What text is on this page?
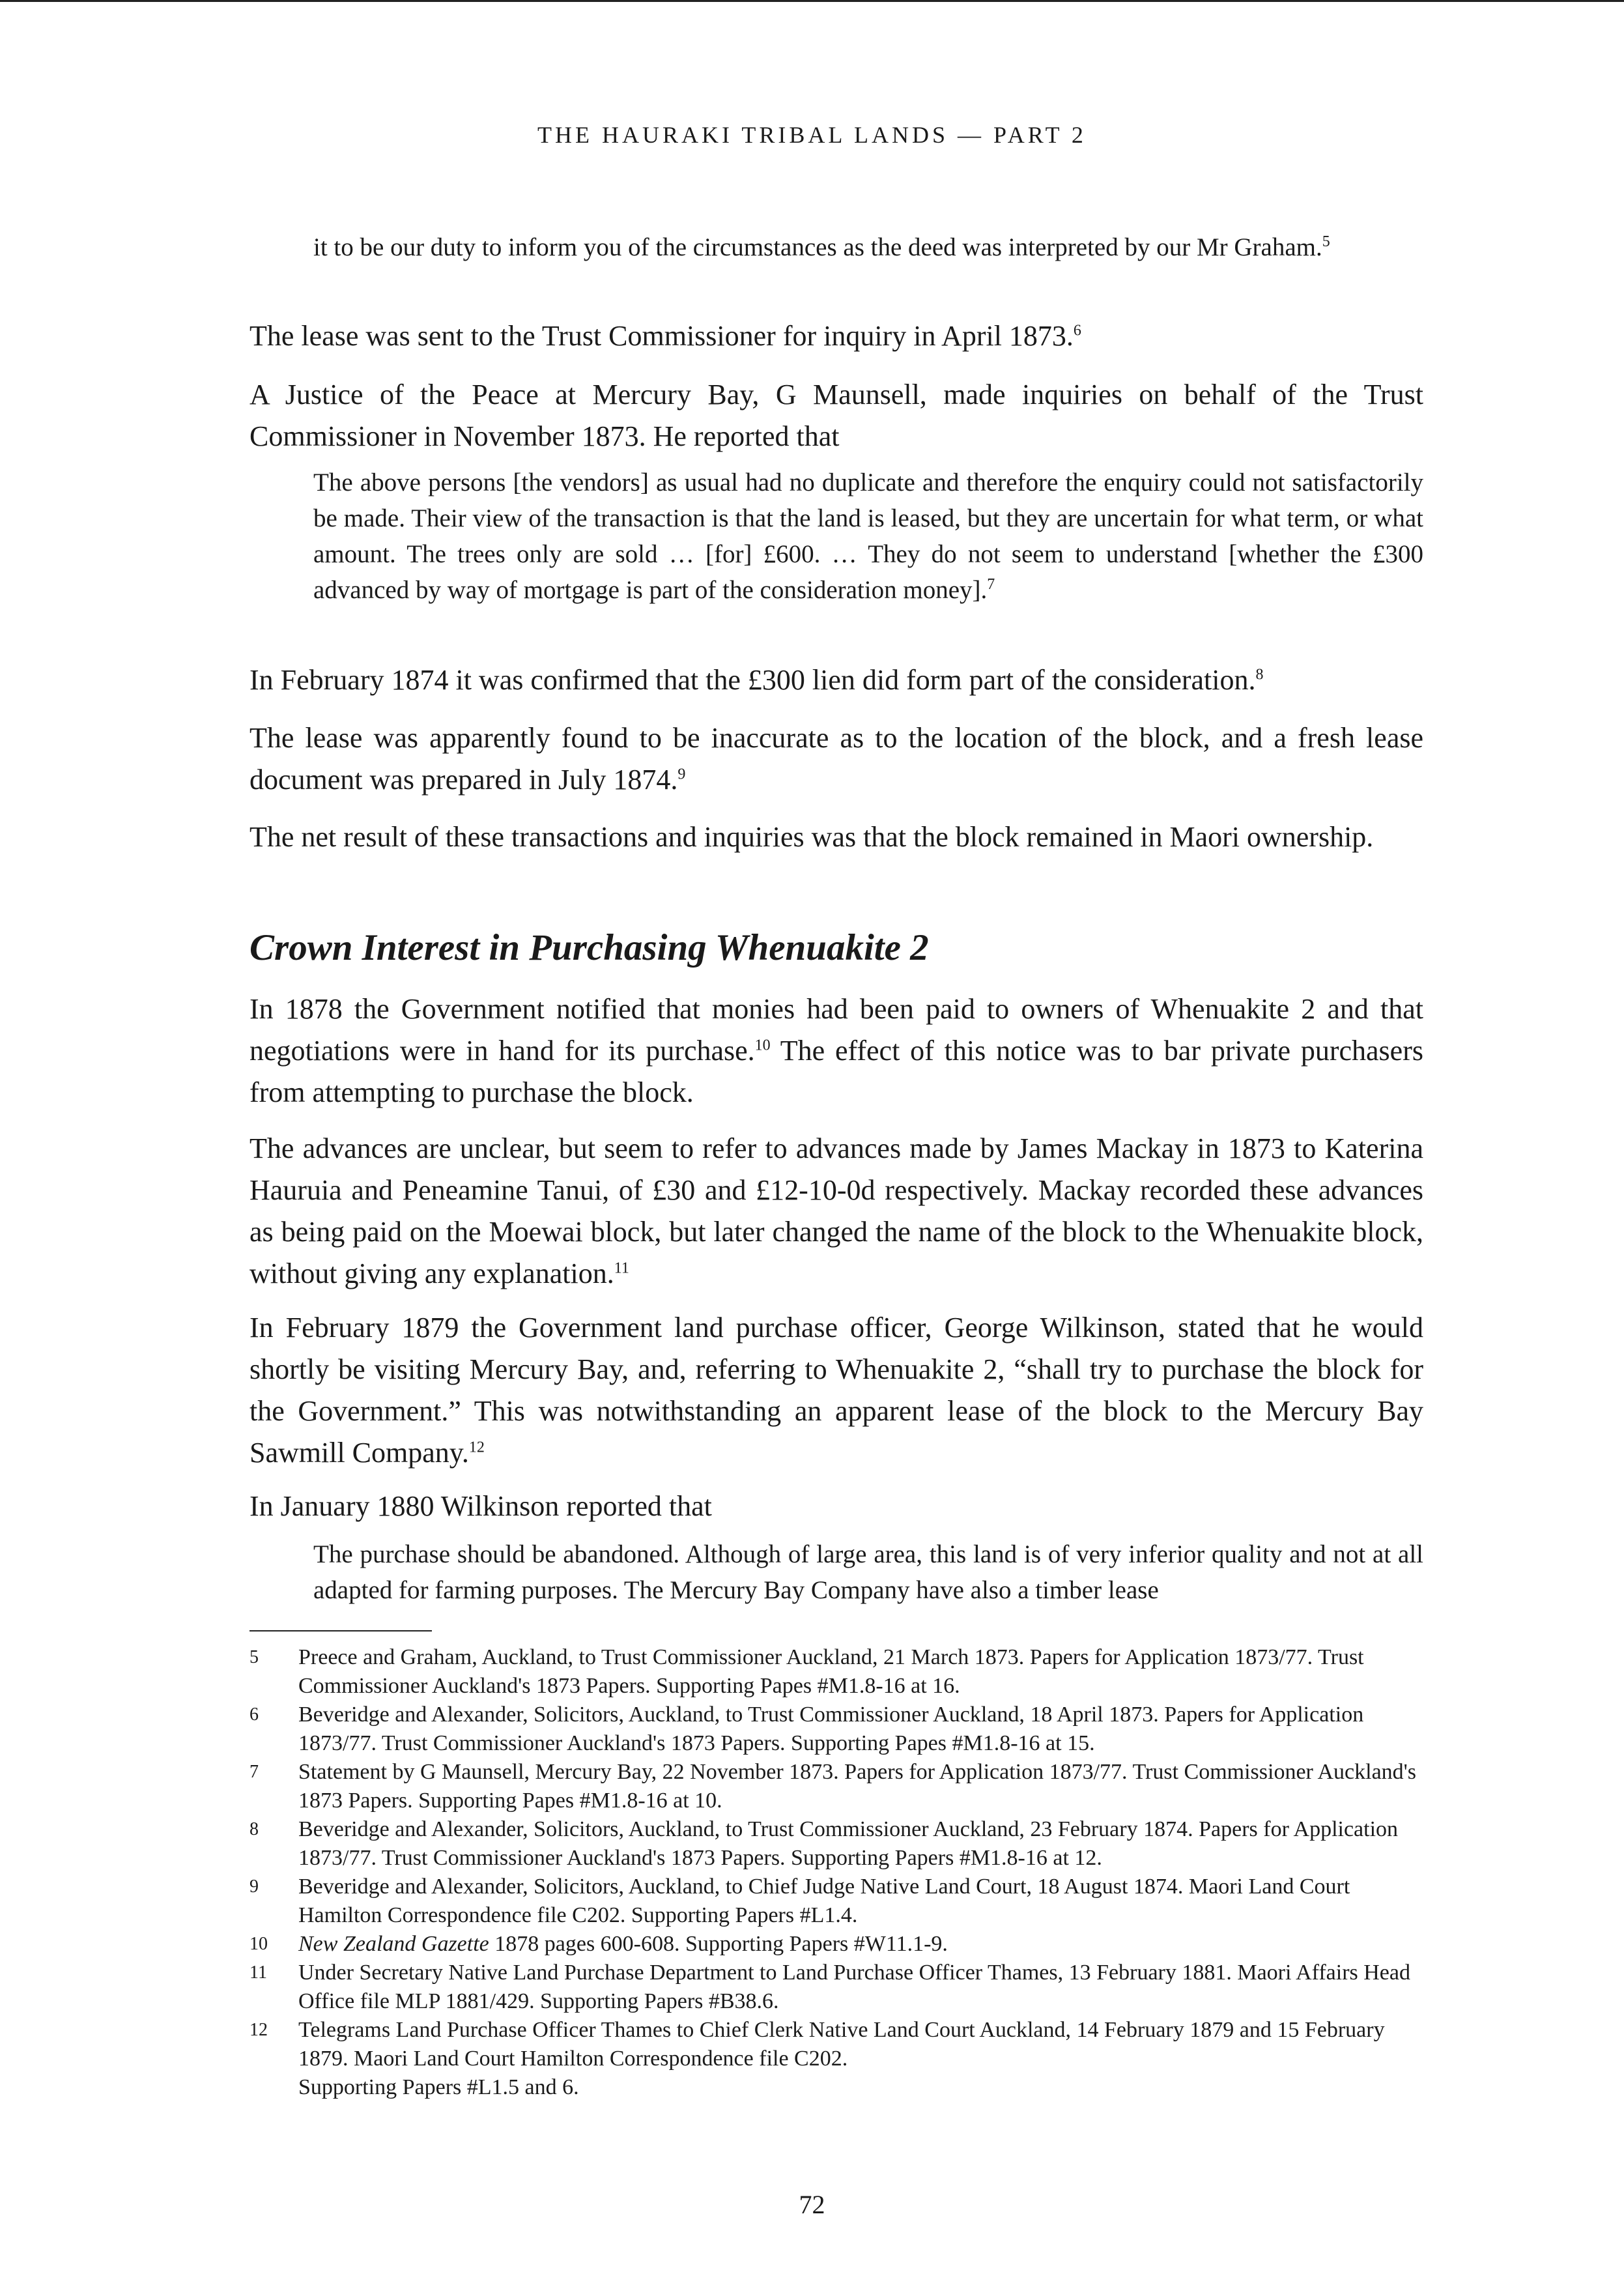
THE HAURAKI TRIBAL LANDS — PART 2

it to be our duty to inform you of the circumstances as the deed was interpreted by our Mr Graham.$^5$

The lease was sent to the Trust Commissioner for inquiry in April 1873.$^6$

A Justice of the Peace at Mercury Bay, G Maunsell, made inquiries on behalf of the Trust Commissioner in November 1873. He reported that

The above persons [the vendors] as usual had no duplicate and therefore the enquiry could not satisfactorily be made. Their view of the transaction is that the land is leased, but they are uncertain for what term, or what amount. The trees only are sold … [for] £600. … They do not seem to understand [whether the £300 advanced by way of mortgage is part of the consideration money].$^7$

In February 1874 it was confirmed that the £300 lien did form part of the consideration.$^8$

The lease was apparently found to be inaccurate as to the location of the block, and a fresh lease document was prepared in July 1874.$^9$

The net result of these transactions and inquiries was that the block remained in Maori ownership.

Crown Interest in Purchasing Whenuakite 2

In 1878 the Government notified that monies had been paid to owners of Whenuakite 2 and that negotiations were in hand for its purchase.$^{10}$ The effect of this notice was to bar private purchasers from attempting to purchase the block.

The advances are unclear, but seem to refer to advances made by James Mackay in 1873 to Katerina Hauruia and Peneamine Tanui, of £30 and £12-10-0d respectively. Mackay recorded these advances as being paid on the Moewai block, but later changed the name of the block to the Whenuakite block, without giving any explanation.$^{11}$

In February 1879 the Government land purchase officer, George Wilkinson, stated that he would shortly be visiting Mercury Bay, and, referring to Whenuakite 2, “shall try to purchase the block for the Government.” This was notwithstanding an apparent lease of the block to the Mercury Bay Sawmill Company.$^{12}$

In January 1880 Wilkinson reported that

The purchase should be abandoned. Although of large area, this land is of very inferior quality and not at all adapted for farming purposes. The Mercury Bay Company have also a timber lease

5 Preece and Graham, Auckland, to Trust Commissioner Auckland, 21 March 1873. Papers for Application 1873/77. Trust Commissioner Auckland's 1873 Papers. Supporting Papes #M1.8-16 at 16.
6 Beveridge and Alexander, Solicitors, Auckland, to Trust Commissioner Auckland, 18 April 1873. Papers for Application 1873/77. Trust Commissioner Auckland's 1873 Papers. Supporting Papes #M1.8-16 at 15.
7 Statement by G Maunsell, Mercury Bay, 22 November 1873. Papers for Application 1873/77. Trust Commissioner Auckland's 1873 Papers. Supporting Papes #M1.8-16 at 10.
8 Beveridge and Alexander, Solicitors, Auckland, to Trust Commissioner Auckland, 23 February 1874. Papers for Application 1873/77. Trust Commissioner Auckland's 1873 Papers. Supporting Papers #M1.8-16 at 12.
9 Beveridge and Alexander, Solicitors, Auckland, to Chief Judge Native Land Court, 18 August 1874. Maori Land Court Hamilton Correspondence file C202. Supporting Papers #L1.4.
10 New Zealand Gazette 1878 pages 600-608. Supporting Papers #W11.1-9.
11 Under Secretary Native Land Purchase Department to Land Purchase Officer Thames, 13 February 1881. Maori Affairs Head Office file MLP 1881/429. Supporting Papers #B38.6.
12 Telegrams Land Purchase Officer Thames to Chief Clerk Native Land Court Auckland, 14 February 1879 and 15 February 1879. Maori Land Court Hamilton Correspondence file C202.
Supporting Papers #L1.5 and 6.
72
